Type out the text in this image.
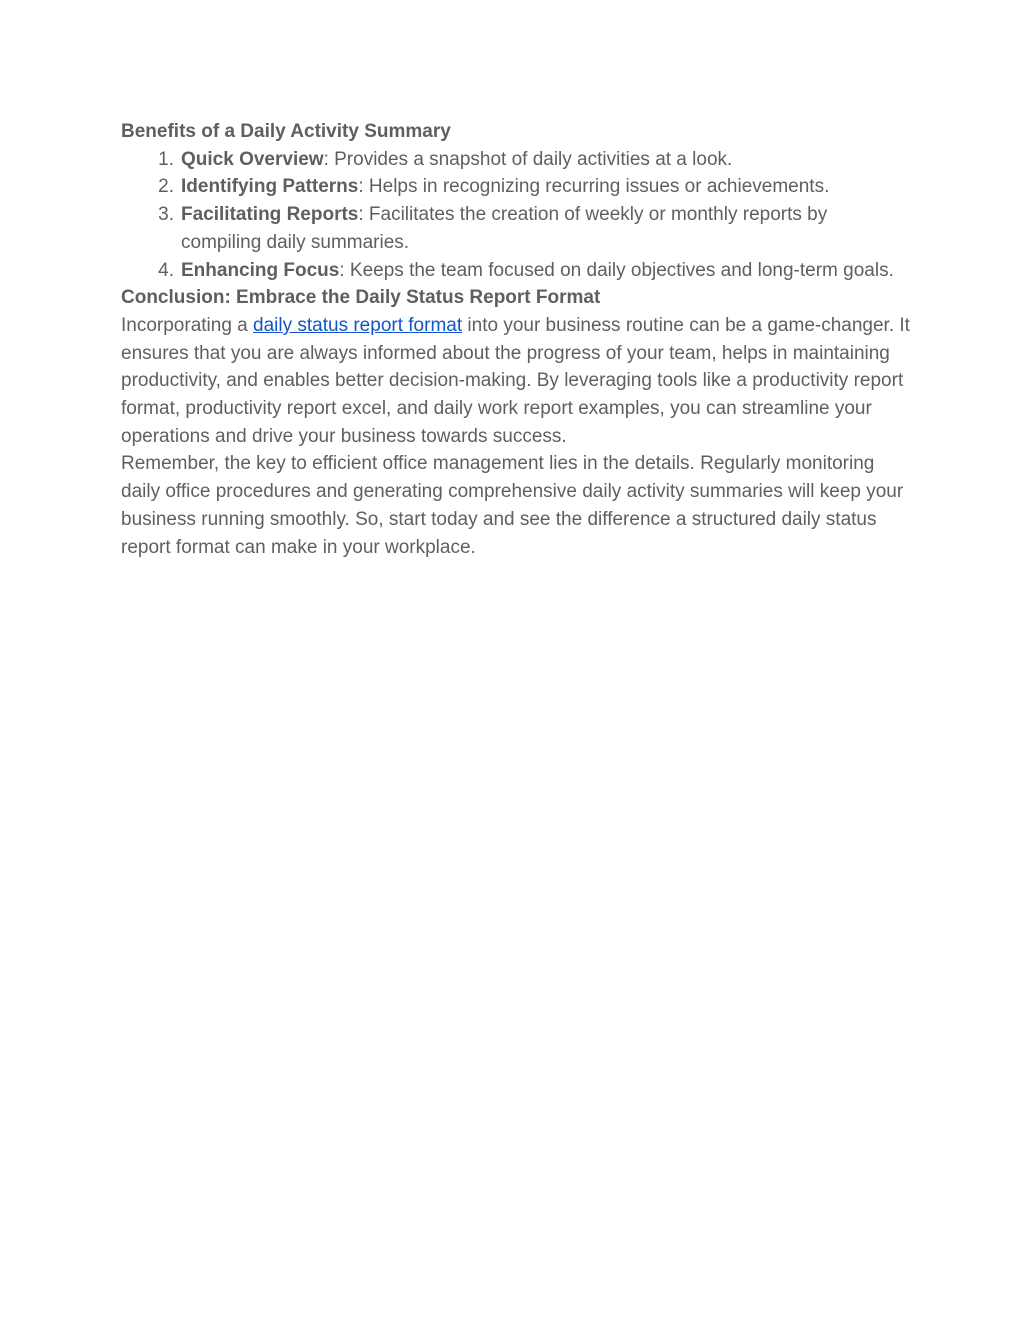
Benefits of a Daily Activity Summary

1. Quick Overview: Provides a snapshot of daily activities at a look.
2. Identifying Patterns: Helps in recognizing recurring issues or achievements.
3. Facilitating Reports: Facilitates the creation of weekly or monthly reports by compiling daily summaries.
4. Enhancing Focus: Keeps the team focused on daily objectives and long-term goals.

Conclusion: Embrace the Daily Status Report Format

Incorporating a daily status report format into your business routine can be a game-changer. It ensures that you are always informed about the progress of your team, helps in maintaining productivity, and enables better decision-making. By leveraging tools like a productivity report format, productivity report excel, and daily work report examples, you can streamline your operations and drive your business towards success.

Remember, the key to efficient office management lies in the details. Regularly monitoring daily office procedures and generating comprehensive daily activity summaries will keep your business running smoothly. So, start today and see the difference a structured daily status report format can make in your workplace.
